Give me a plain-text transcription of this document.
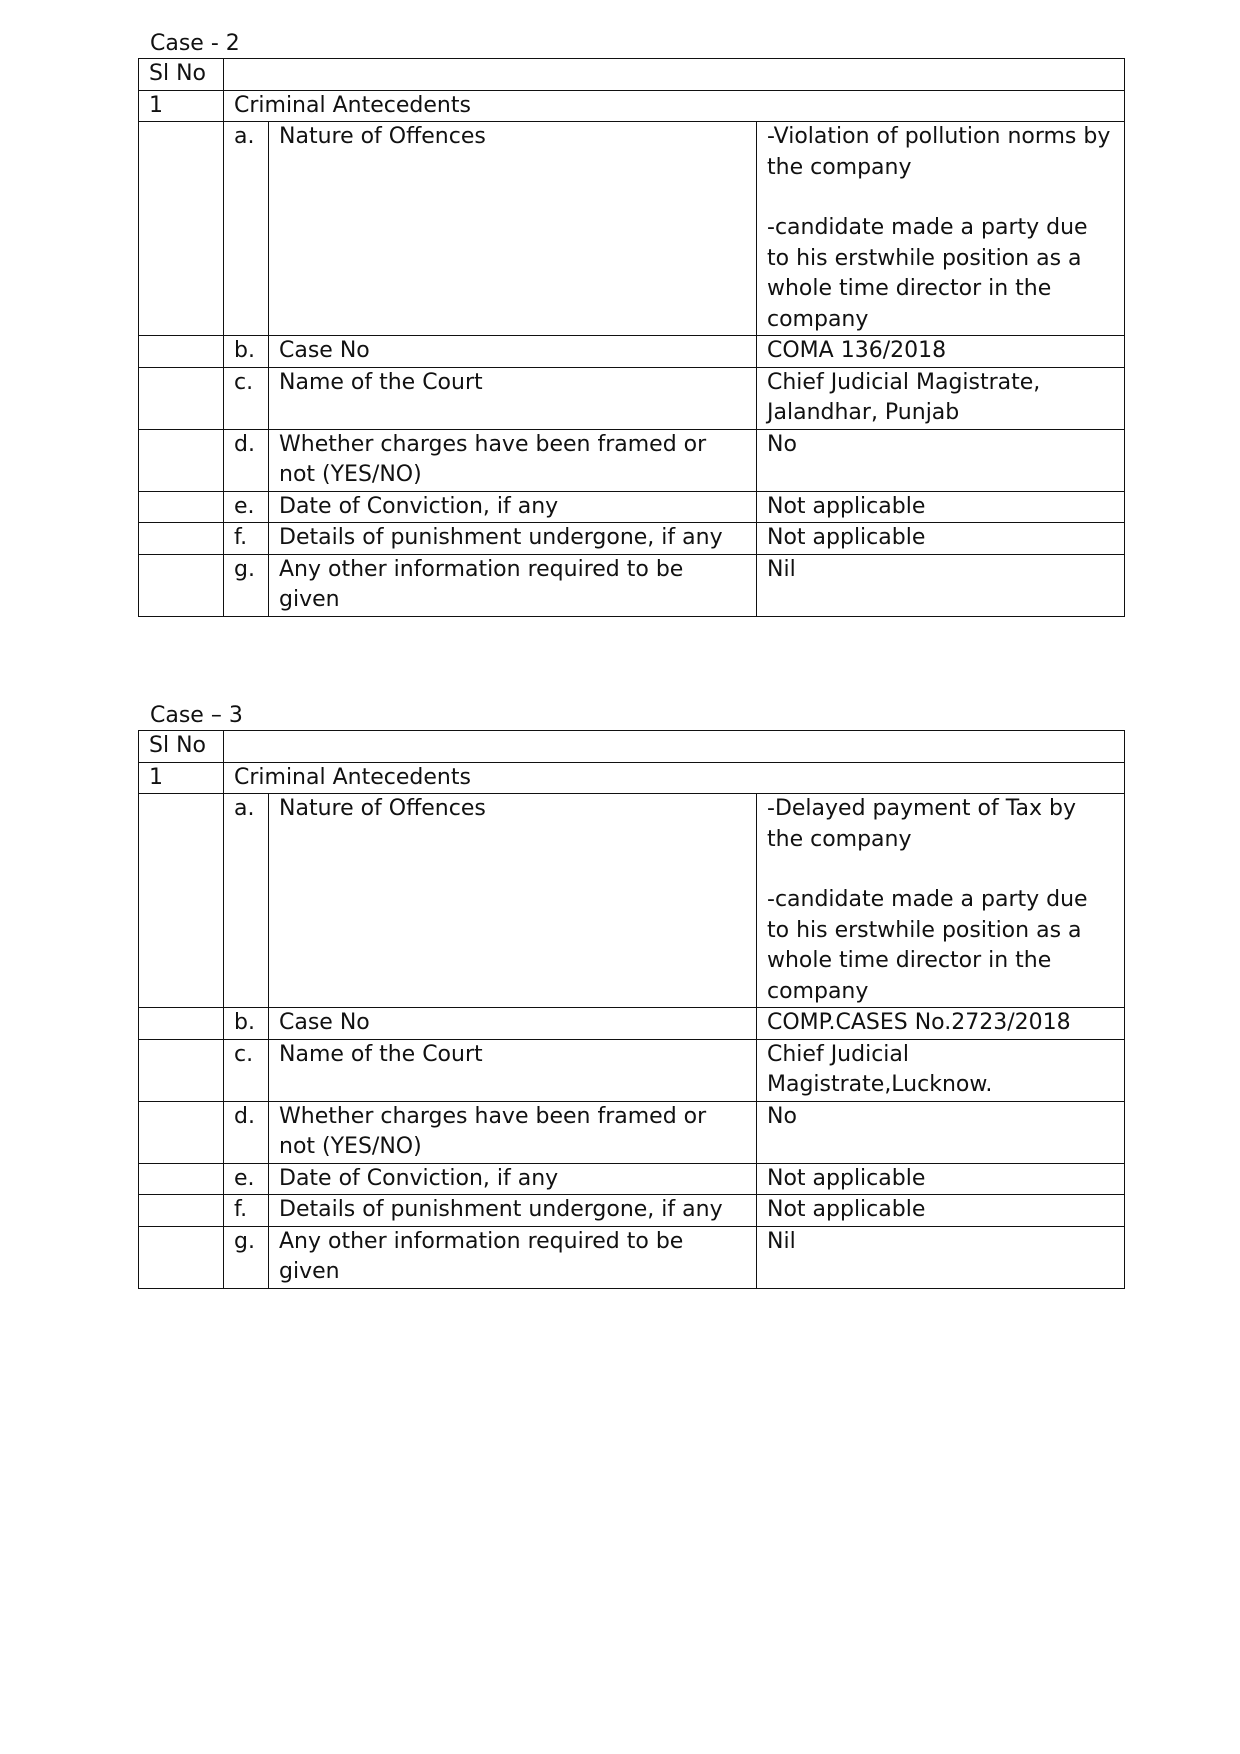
Case - 2
Sl No			
1	Criminal Antecedents		
	a.	Nature of Offences	-Violation of pollution norms by the company
-candidate made a party due to his erstwhile position as a whole time director in the company
	b.	Case No	COMA 136/2018
	c.	Name of the Court	Chief Judicial Magistrate, Jalandhar, Punjab
	d.	Whether charges have been framed or not (YES/NO)	No
	e.	Date of Conviction, if any	Not applicable
	f.	Details of punishment undergone, if any	Not applicable
	g.	Any other information required to be given	Nil
Case – 3
Sl No			
1	Criminal Antecedents		
	a.	Nature of Offences	-Delayed payment of Tax by the company
-candidate made a party due to his erstwhile position as a whole time director in the company
	b.	Case No	COMP.CASES No.2723/2018
	c.	Name of the Court	Chief Judicial Magistrate,Lucknow.
	d.	Whether charges have been framed or not (YES/NO)	No
	e.	Date of Conviction, if any	Not applicable
	f.	Details of punishment undergone, if any	Not applicable
	g.	Any other information required to be given	Nil
